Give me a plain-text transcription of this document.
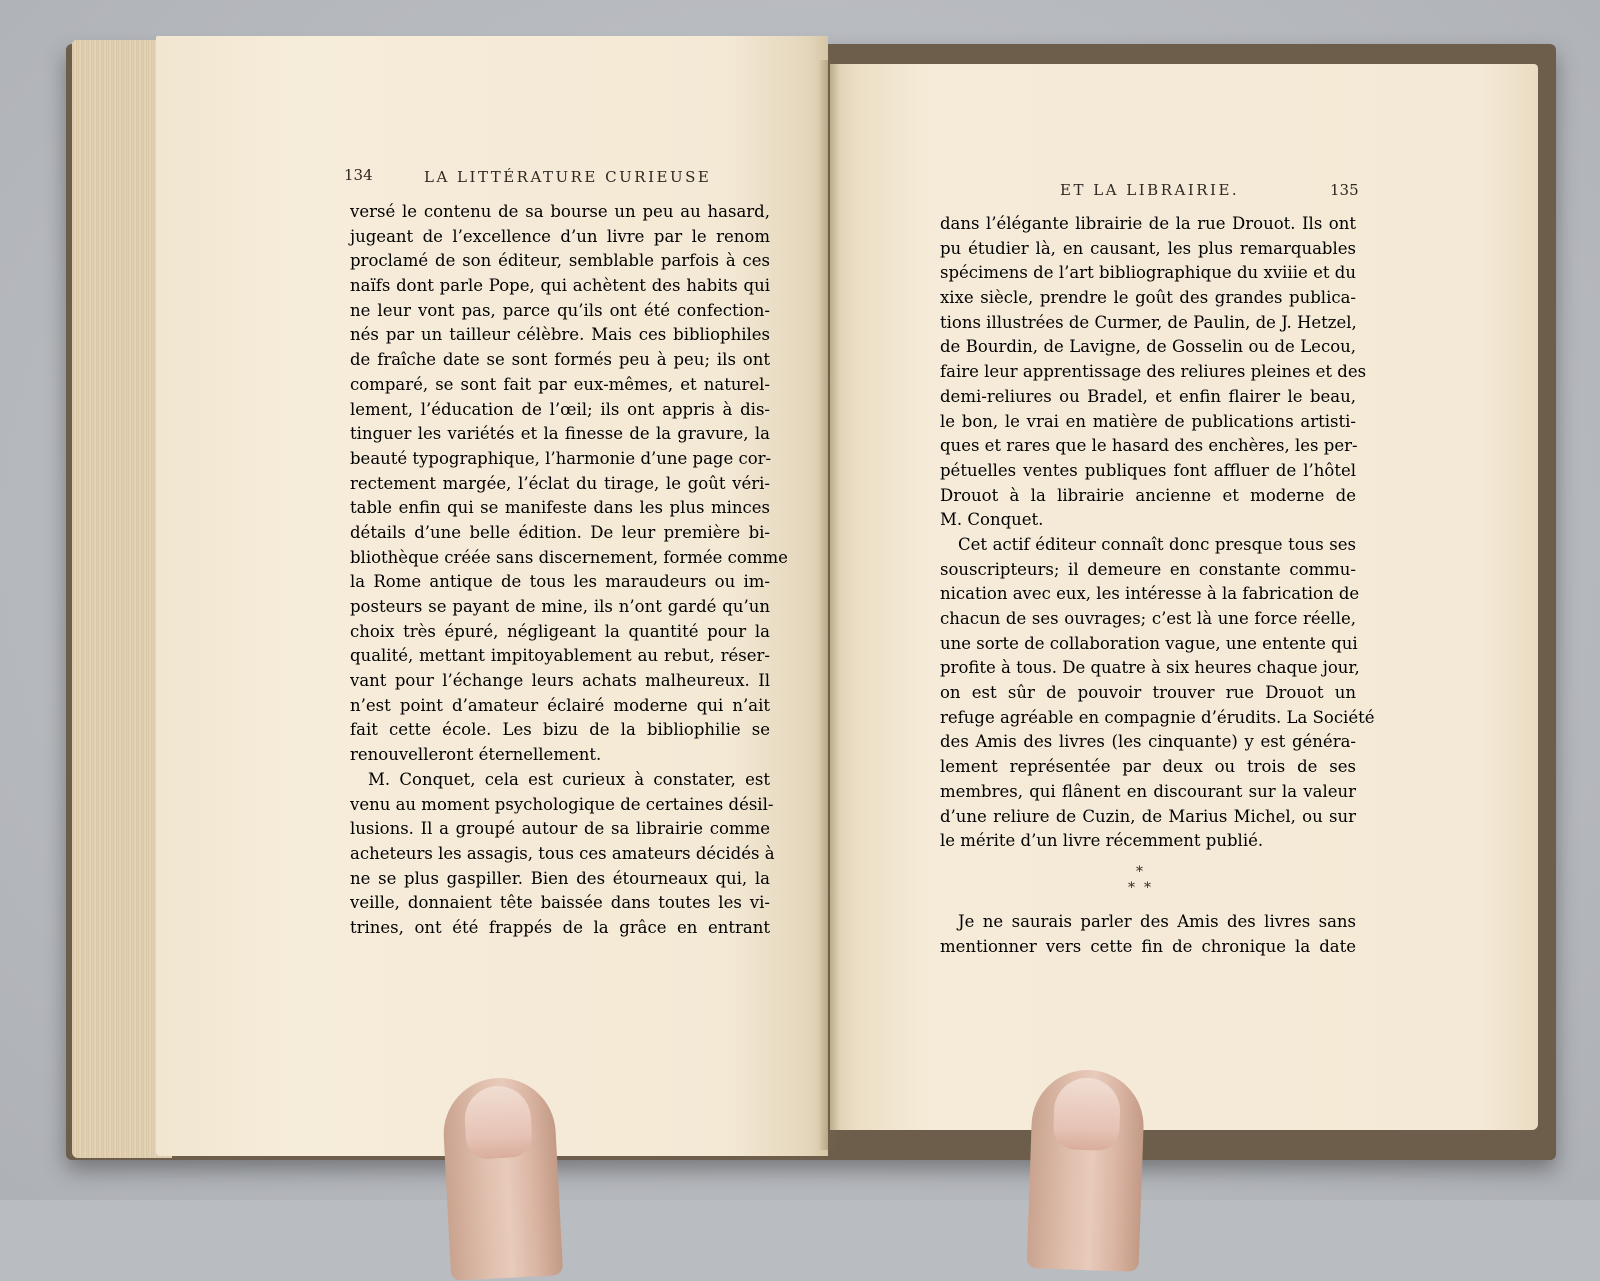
134	LA LITTÉRATURE CURIEUSE
ET LA LIBRAIRIE.	135
versé le contenu de sa bourse un peu au hasard,
jugeant de l’excellence d’un livre par le renom
proclamé de son éditeur, semblable parfois à ces
naïfs dont parle Pope, qui achètent des habits qui
ne leur vont pas, parce qu’ils ont été confection-
nés par un tailleur célèbre. Mais ces bibliophiles
de fraîche date se sont formés peu à peu; ils ont
comparé, se sont fait par eux-mêmes, et naturel-
lement, l’éducation de l’œil; ils ont appris à dis-
tinguer les variétés et la finesse de la gravure, la
beauté typographique, l’harmonie d’une page cor-
rectement margée, l’éclat du tirage, le goût véri-
table enfin qui se manifeste dans les plus minces
détails d’une belle édition. De leur première bi-
bliothèque créée sans discernement, formée comme
la Rome antique de tous les maraudeurs ou im-
posteurs se payant de mine, ils n’ont gardé qu’un
choix très épuré, négligeant la quantité pour la
qualité, mettant impitoyablement au rebut, réser-
vant pour l’échange leurs achats malheureux. Il
n’est point d’amateur éclairé moderne qui n’ait
fait cette école. Les bizu de la bibliophilie se
renouvelleront éternellement.
M. Conquet, cela est curieux à constater, est
venu au moment psychologique de certaines désil-
lusions. Il a groupé autour de sa librairie comme
acheteurs les assagis, tous ces amateurs décidés à
ne se plus gaspiller. Bien des étourneaux qui, la
veille, donnaient tête baissée dans toutes les vi-
trines, ont été frappés de la grâce en entrant
dans l’élégante librairie de la rue Drouot. Ils ont
pu étudier là, en causant, les plus remarquables
spécimens de l’art bibliographique du xviiie et du
xixe siècle, prendre le goût des grandes publica-
tions illustrées de Curmer, de Paulin, de J. Hetzel,
de Bourdin, de Lavigne, de Gosselin ou de Lecou,
faire leur apprentissage des reliures pleines et des
demi-reliures ou Bradel, et enfin flairer le beau,
le bon, le vrai en matière de publications artisti-
ques et rares que le hasard des enchères, les per-
pétuelles ventes publiques font affluer de l’hôtel
Drouot à la librairie ancienne et moderne de
M. Conquet.
Cet actif éditeur connaît donc presque tous ses
souscripteurs; il demeure en constante commu-
nication avec eux, les intéresse à la fabrication de
chacun de ses ouvrages; c’est là une force réelle,
une sorte de collaboration vague, une entente qui
profite à tous. De quatre à six heures chaque jour,
on est sûr de pouvoir trouver rue Drouot un
refuge agréable en compagnie d’érudits. La Société
des Amis des livres (les cinquante) y est généra-
lement représentée par deux ou trois de ses
membres, qui flânent en discourant sur la valeur
d’une reliure de Cuzin, de Marius Michel, ou sur
le mérite d’un livre récemment publié.
*
* *
Je ne saurais parler des Amis des livres sans
mentionner vers cette fin de chronique la date
